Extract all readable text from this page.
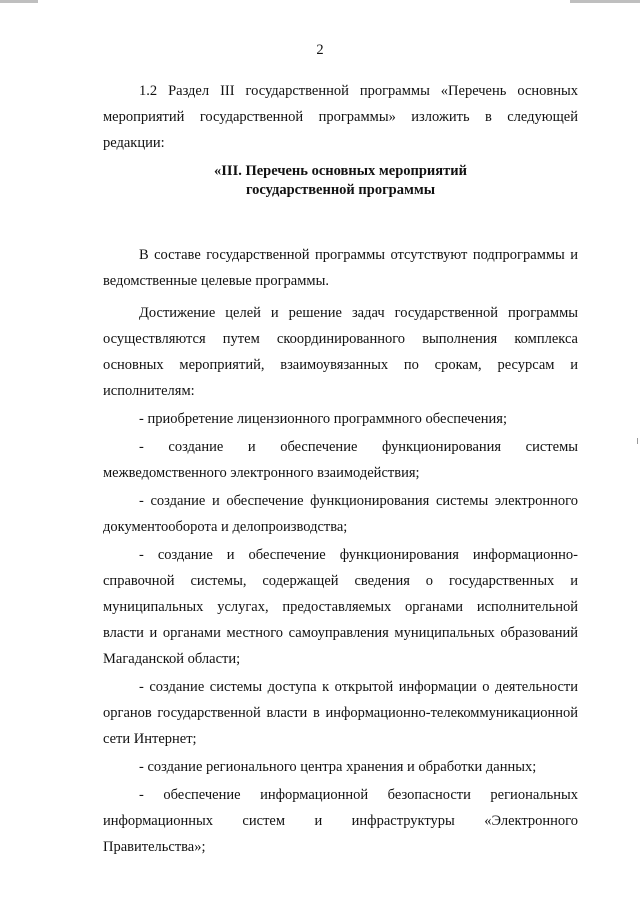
2

1.2 Раздел III государственной программы «Перечень основных мероприятий государственной программы» изложить в следующей редакции:

«III. Перечень основных мероприятий
государственной программы

В составе государственной программы отсутствуют подпрограммы и ведомственные целевые программы.

Достижение целей и решение задач государственной программы осуществляются путем скоординированного выполнения комплекса основных мероприятий, взаимоувязанных по срокам, ресурсам и исполнителям:

- приобретение лицензионного программного обеспечения;

- создание и обеспечение функционирования системы межведомственного электронного взаимодействия;

- создание и обеспечение функционирования системы электронного документооборота и делопроизводства;

- создание и обеспечение функционирования информационно-справочной системы, содержащей сведения о государственных и муниципальных услугах, предоставляемых органами исполнительной власти и органами местного самоуправления муниципальных образований Магаданской области;

- создание системы доступа к открытой информации о деятельности органов государственной власти в информационно-телекоммуникационной сети Интернет;

- создание регионального центра хранения и обработки данных;

- обеспечение информационной безопасности региональных информационных систем и инфраструктуры «Электронного Правительства»;
